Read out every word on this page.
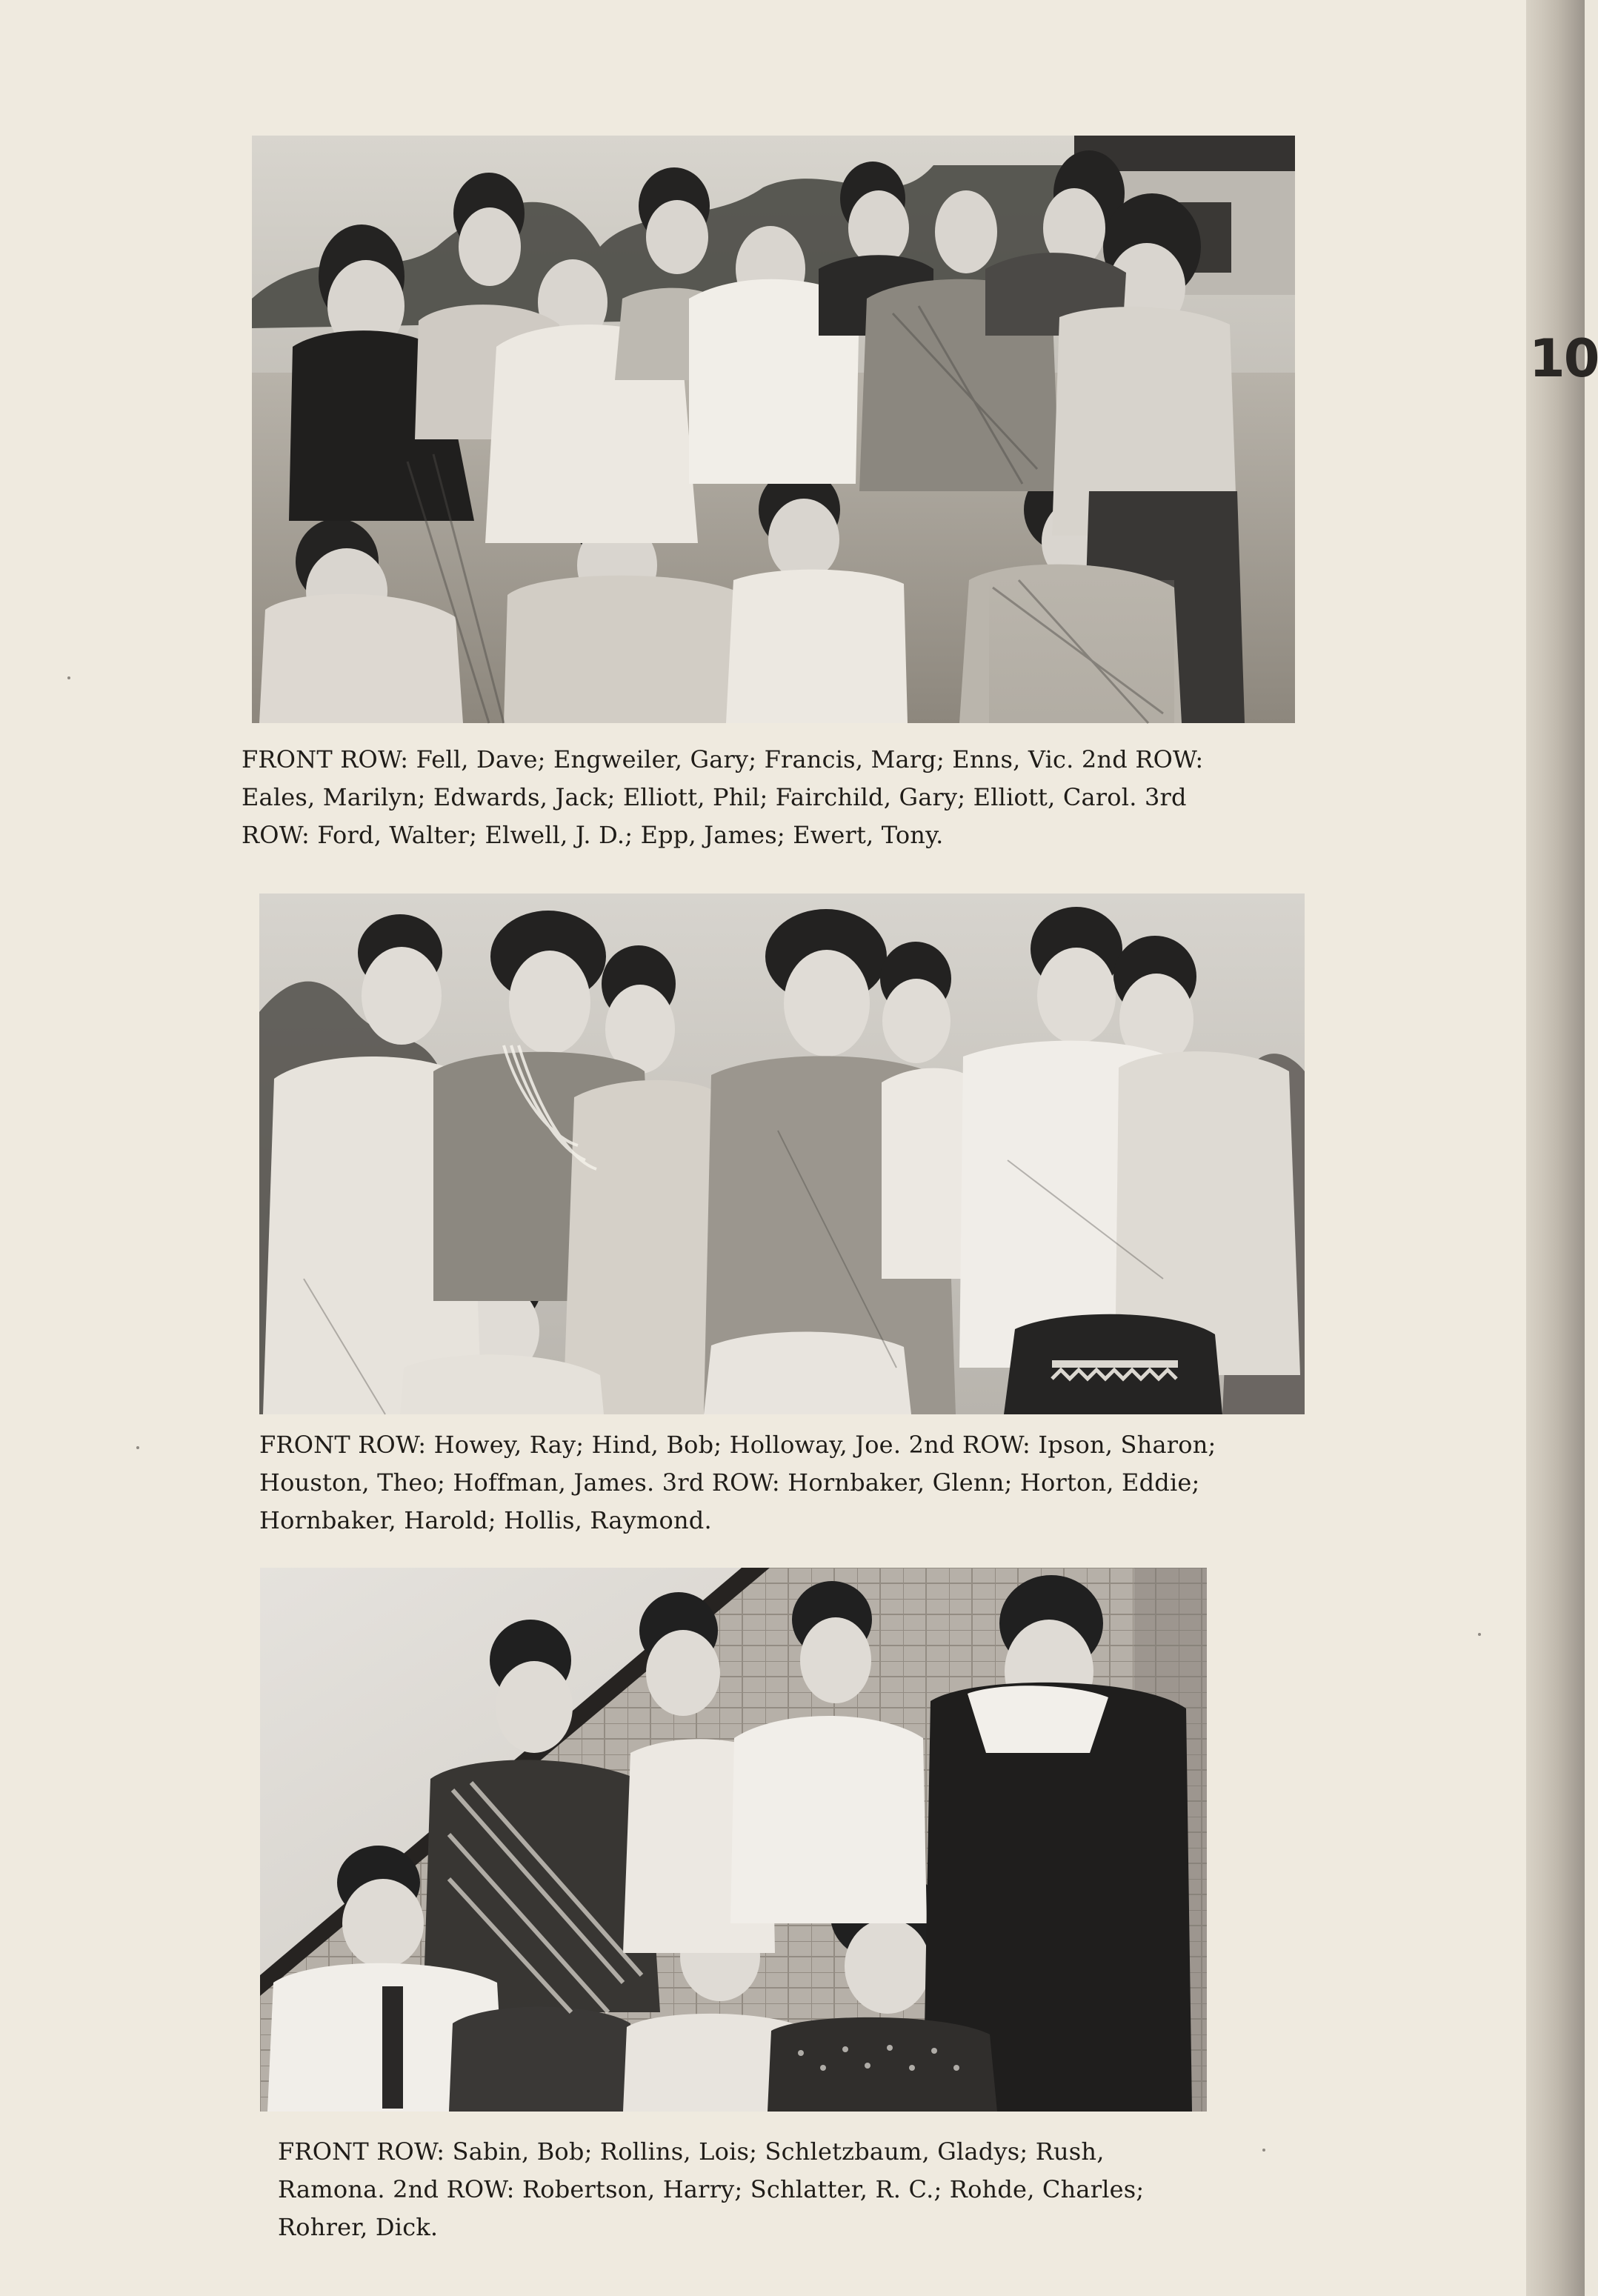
10
FRONT ROW: Fell, Dave; Engweiler, Gary; Francis, Marg; Enns, Vic. 2nd ROW:
Eales, Marilyn; Edwards, Jack; Elliott, Phil; Fairchild, Gary; Elliott, Carol. 3rd
ROW: Ford, Walter; Elwell, J. D.; Epp, James; Ewert, Tony.
FRONT ROW: Howey, Ray; Hind, Bob; Holloway, Joe. 2nd ROW: Ipson, Sharon;
Houston, Theo; Hoffman, James. 3rd ROW: Hornbaker, Glenn; Horton, Eddie;
Hornbaker, Harold; Hollis, Raymond.
FRONT ROW: Sabin, Bob; Rollins, Lois; Schletzbaum, Gladys; Rush,
Ramona. 2nd ROW: Robertson, Harry; Schlatter, R. C.; Rohde, Charles;
Rohrer, Dick.
